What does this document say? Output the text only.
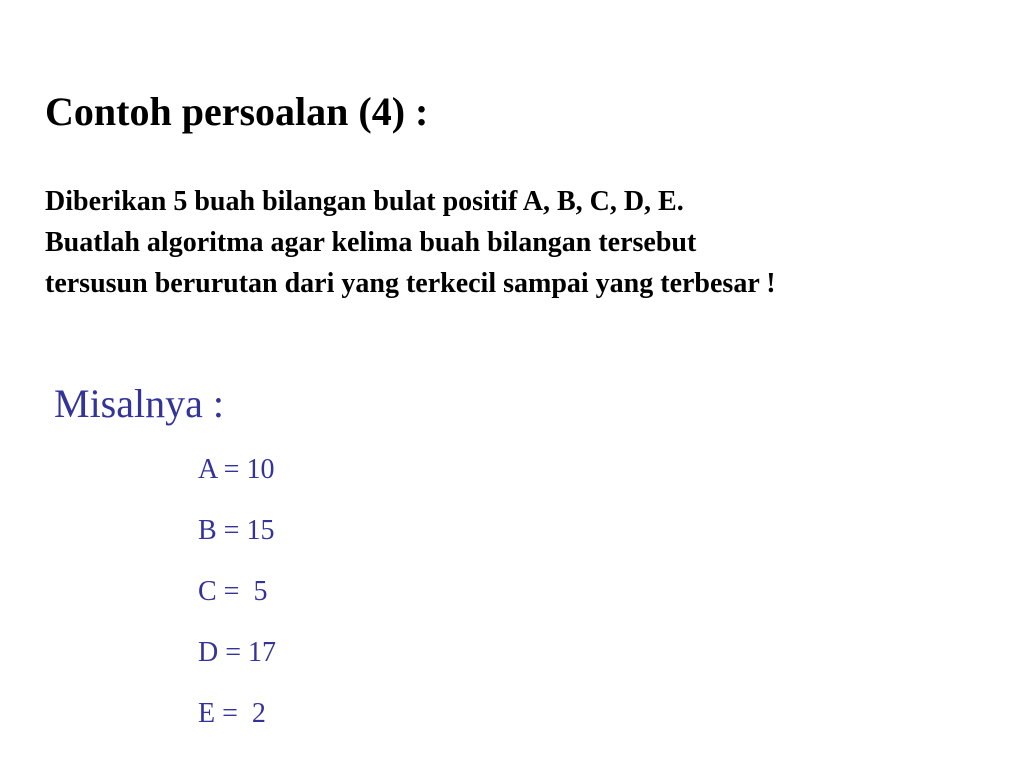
Contoh persoalan (4) :
Diberikan 5 buah bilangan bulat positif A, B, C, D, E.
Buatlah algoritma agar kelima buah bilangan tersebut
tersusun berurutan dari yang terkecil sampai yang terbesar !
Misalnya :
A = 10
B = 15
C =  5
D = 17
E =  2
